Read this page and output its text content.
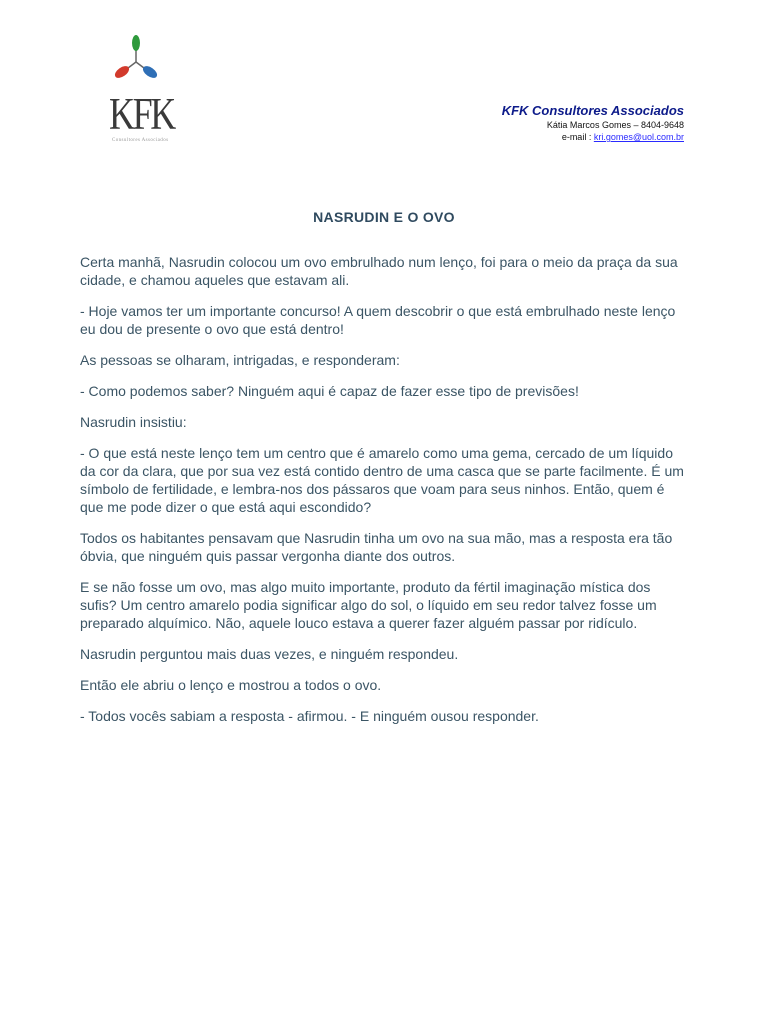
KFK
Consultores Associados
KFK Consultores Associados
Kátia Marcos Gomes – 8404-9648
e-mail : kri.gomes@uol.com.br
NASRUDIN E O OVO

Certa manhã, Nasrudin colocou um ovo embrulhado num lenço, foi para o meio da praça da sua cidade, e chamou aqueles que estavam ali.

- Hoje vamos ter um importante concurso! A quem descobrir o que está embrulhado neste lenço eu dou de presente o ovo que está dentro!

As pessoas se olharam, intrigadas, e responderam:

- Como podemos saber? Ninguém aqui é capaz de fazer esse tipo de previsões!

Nasrudin insistiu:

- O que está neste lenço tem um centro que é amarelo como uma gema, cercado de um líquido da cor da clara, que por sua vez está contido dentro de uma casca que se parte facilmente. É um símbolo de fertilidade, e lembra-nos dos pássaros que voam para seus ninhos. Então, quem é que me pode dizer o que está aqui escondido?

Todos os habitantes pensavam que Nasrudin tinha um ovo na sua mão, mas a resposta era tão óbvia, que ninguém quis passar vergonha diante dos outros.

E se não fosse um ovo, mas algo muito importante, produto da fértil imaginação mística dos sufis? Um centro amarelo podia significar algo do sol, o líquido em seu redor talvez fosse um preparado alquímico. Não, aquele louco estava a querer fazer alguém passar por ridículo.

Nasrudin perguntou mais duas vezes, e ninguém respondeu.

Então ele abriu o lenço e mostrou a todos o ovo.

- Todos vocês sabiam a resposta - afirmou. - E ninguém ousou responder.
